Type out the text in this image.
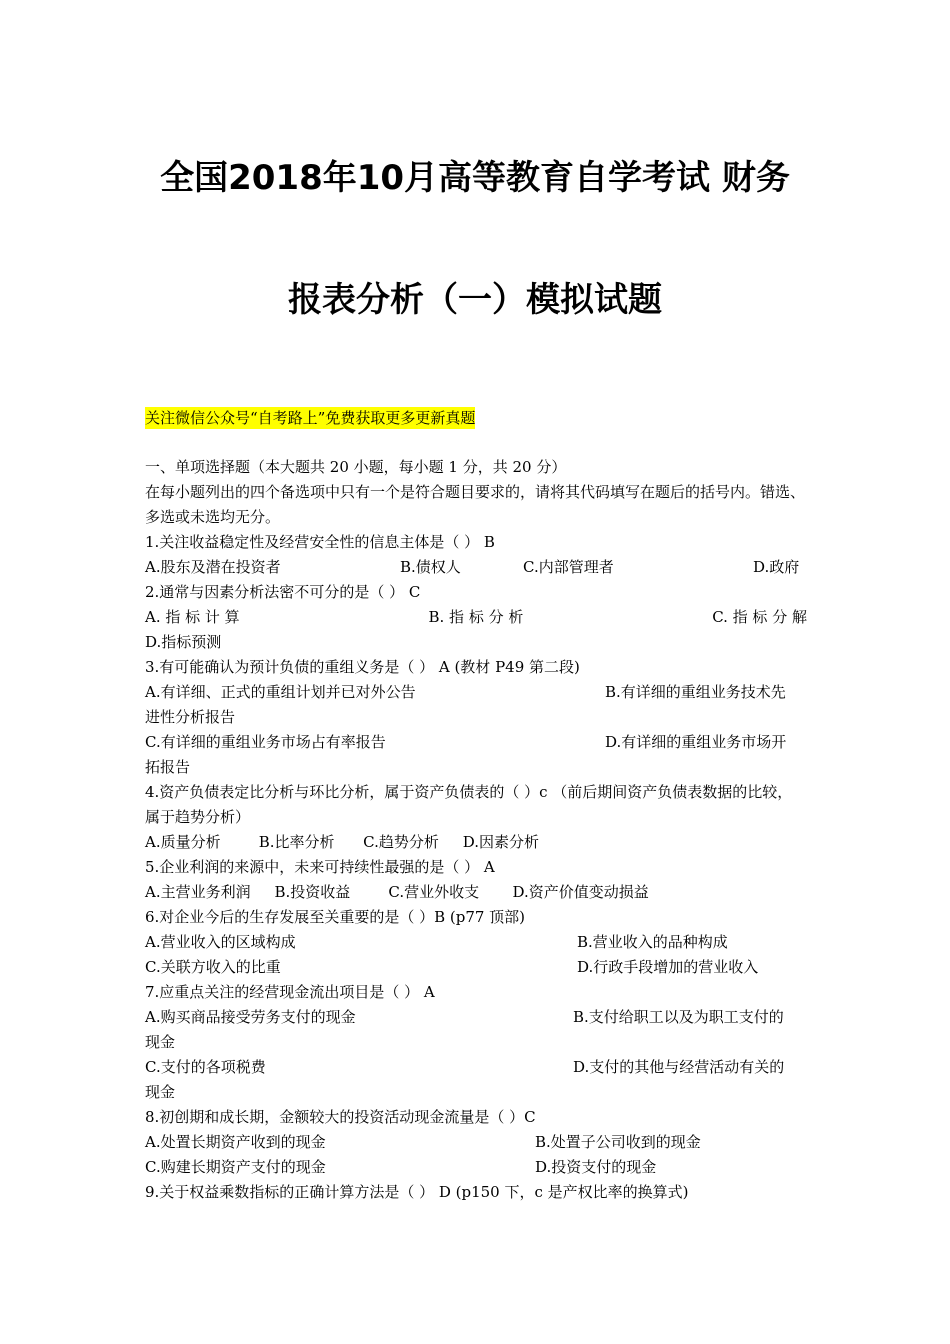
全国2018年10月高等教育自学考试 财务
报表分析（一）模拟试题
关注微信公众号“自考路上”免费获取更多更新真题
一、单项选择题（本大题共 20 小题，每小题 1 分，共 20 分）
在每小题列出的四个备选项中只有一个是符合题目要求的，请将其代码填写在题后的括号内。错选、多选或未选均无分。
1.关注收益稳定性及经营安全性的信息主体是（ ） B
A.股东及潜在投资者	B.债权人	C.内部管理者	D.政府
2.通常与因素分析法密不可分的是（ ） C
A. 指 标 计 算	B. 指 标 分 析	C. 指 标 分 解
D.指标预测
3.有可能确认为预计负债的重组义务是（ ） A (教材 P49 第二段)
A.有详细、正式的重组计划并已对外公告	B.有详细的重组业务技术先
进性分析报告
C.有详细的重组业务市场占有率报告	D.有详细的重组业务市场开
拓报告
4.资产负债表定比分析与环比分析，属于资产负债表的（ ）c （前后期间资产负债表数据的比较，属于趋势分析）
A.质量分析        B.比率分析      C.趋势分析     D.因素分析
5.企业利润的来源中，未来可持续性最强的是（ ） A
A.主营业务利润     B.投资收益        C.营业外收支       D.资产价值变动损益
6.对企业今后的生存发展至关重要的是（ ）B (p77 顶部)
A.营业收入的区域构成	B.营业收入的品种构成
C.关联方收入的比重	D.行政手段增加的营业收入
7.应重点关注的经营现金流出项目是（ ） A
A.购买商品接受劳务支付的现金	B.支付给职工以及为职工支付的
现金
C.支付的各项税费	D.支付的其他与经营活动有关的
现金
8.初创期和成长期，金额较大的投资活动现金流量是（ ）C
A.处置长期资产收到的现金	B.处置子公司收到的现金
C.购建长期资产支付的现金	D.投资支付的现金
9.关于权益乘数指标的正确计算方法是（ ） D (p150 下，c 是产权比率的换算式)
